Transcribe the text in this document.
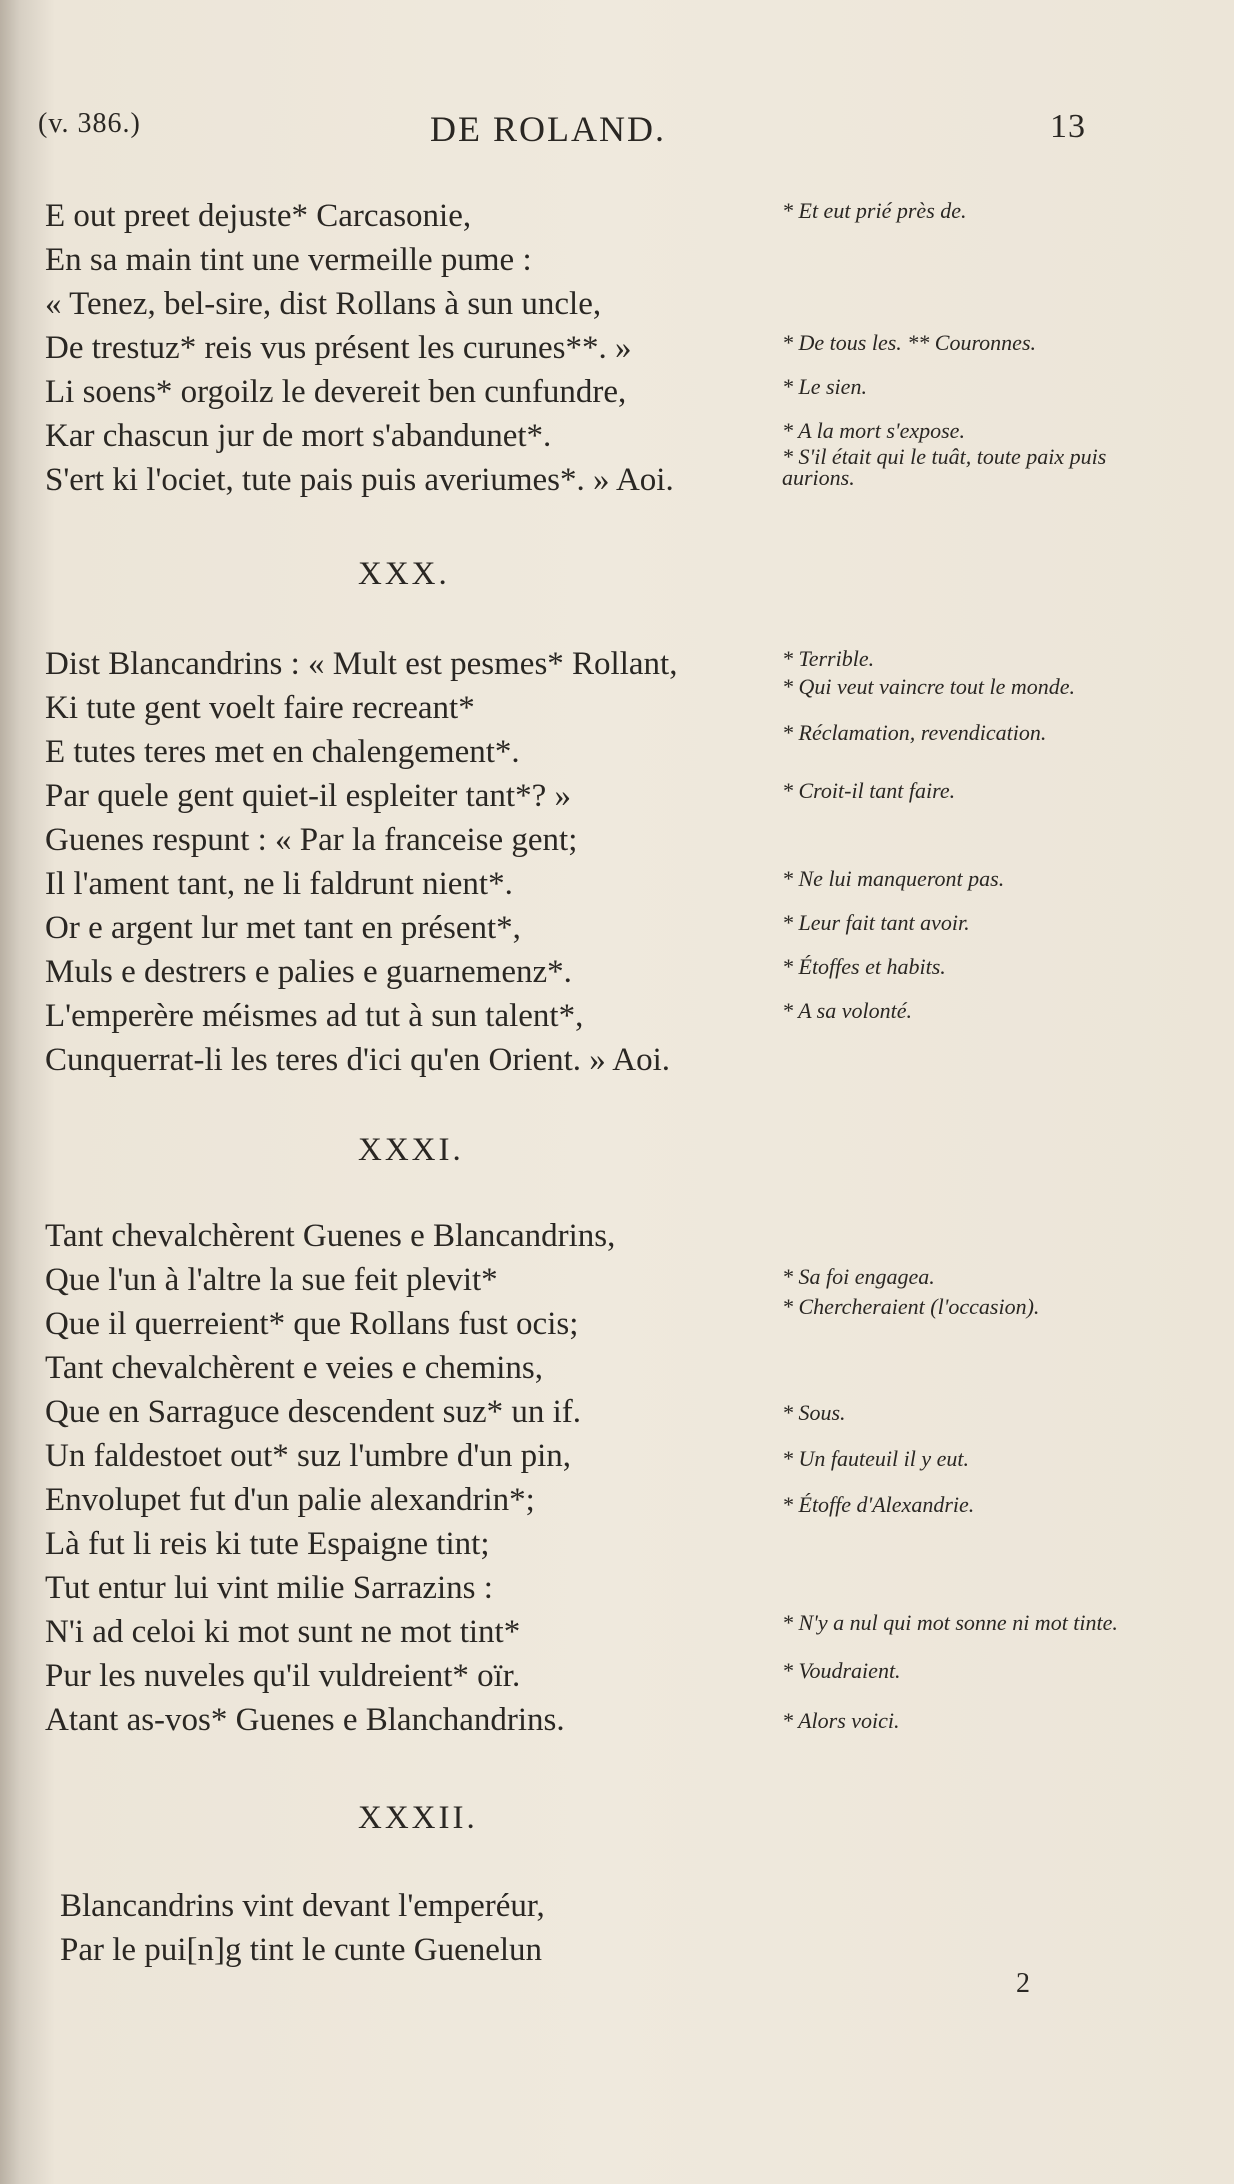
(v. 386.)	DE ROLAND.	13
E out preet dejuste* Carcasonie,	* Et eut prié près de.
En sa main tint une vermeille pume :
« Tenez, bel-sire, dist Rollans à sun uncle,
De trestuz* reis vus présent les curunes**. »	* De tous les. ** Couronnes.
Li soens* orgoilz le devereit ben cunfundre,	* Le sien.
Kar chascun jur de mort s'abandunet*.	* A la mort s'expose.
S'ert ki l'ociet, tute pais puis averiumes*. » Aoi.
* S'il était qui le tuât, toute paix puis aurions.
XXX.
Dist Blancandrins : « Mult est pesmes* Rollant,	* Terrible.
Ki tute gent voelt faire recreant*
* Qui veut vaincre tout le monde.
E tutes teres met en chalengement*.
* Réclamation, revendication.
Par quele gent quiet-il espleiter tant*? »	* Croit-il tant faire.
Guenes respunt : « Par la franceise gent;
Il l'ament tant, ne li faldrunt nient*.	* Ne lui manqueront pas.
Or e argent lur met tant en présent*,	* Leur fait tant avoir.
Muls e destrers e palies e guarnemenz*.	* Étoffes et habits.
L'emperère méismes ad tut à sun talent*,	* A sa volonté.
Cunquerrat-li les teres d'ici qu'en Orient. » Aoi.
XXXI.
Tant chevalchèrent Guenes e Blancandrins,
Que l'un à l'altre la sue feit plevit*	* Sa foi engagea.
Que il querreient* que Rollans fust ocis;	* Chercheraient (l'occasion).
Tant chevalchèrent e veies e chemins,
Que en Sarraguce descendent suz* un if.	* Sous.
Un faldestoet out* suz l'umbre d'un pin,	* Un fauteuil il y eut.
Envolupet fut d'un palie alexandrin*;	* Étoffe d'Alexandrie.
Là fut li reis ki tute Espaigne tint;
Tut entur lui vint milie Sarrazins :
N'i ad celoi ki mot sunt ne mot tint*	* N'y a nul qui mot sonne ni mot tinte.
Pur les nuveles qu'il vuldreient* oïr.	* Voudraient.
Atant as-vos* Guenes e Blanchandrins.	* Alors voici.
XXXII.
Blancandrins vint devant l'emperéur,
Par le pui[n]g tint le cunte Guenelun
2
